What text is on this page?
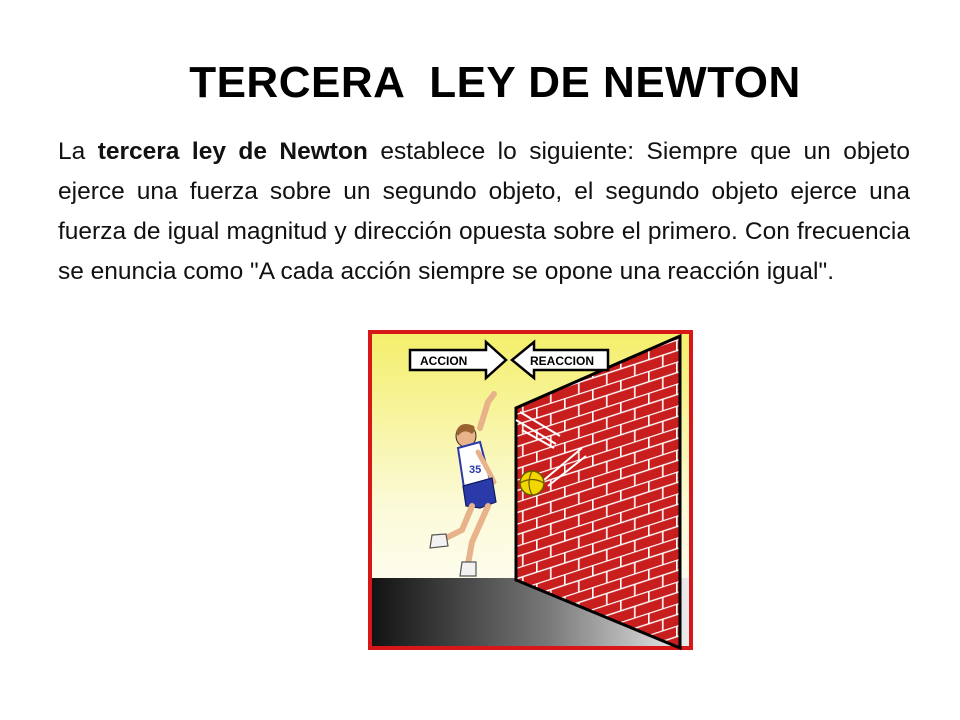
TERCERA  LEY DE NEWTON
La tercera ley de Newton establece lo siguiente: Siempre que un objeto ejerce una fuerza sobre un segundo objeto, el segundo objeto ejerce una fuerza de igual magnitud y dirección opuesta sobre el primero. Con frecuencia se enuncia como "A cada acción siempre se opone una reacción igual".
ACCION	REACCION
35
